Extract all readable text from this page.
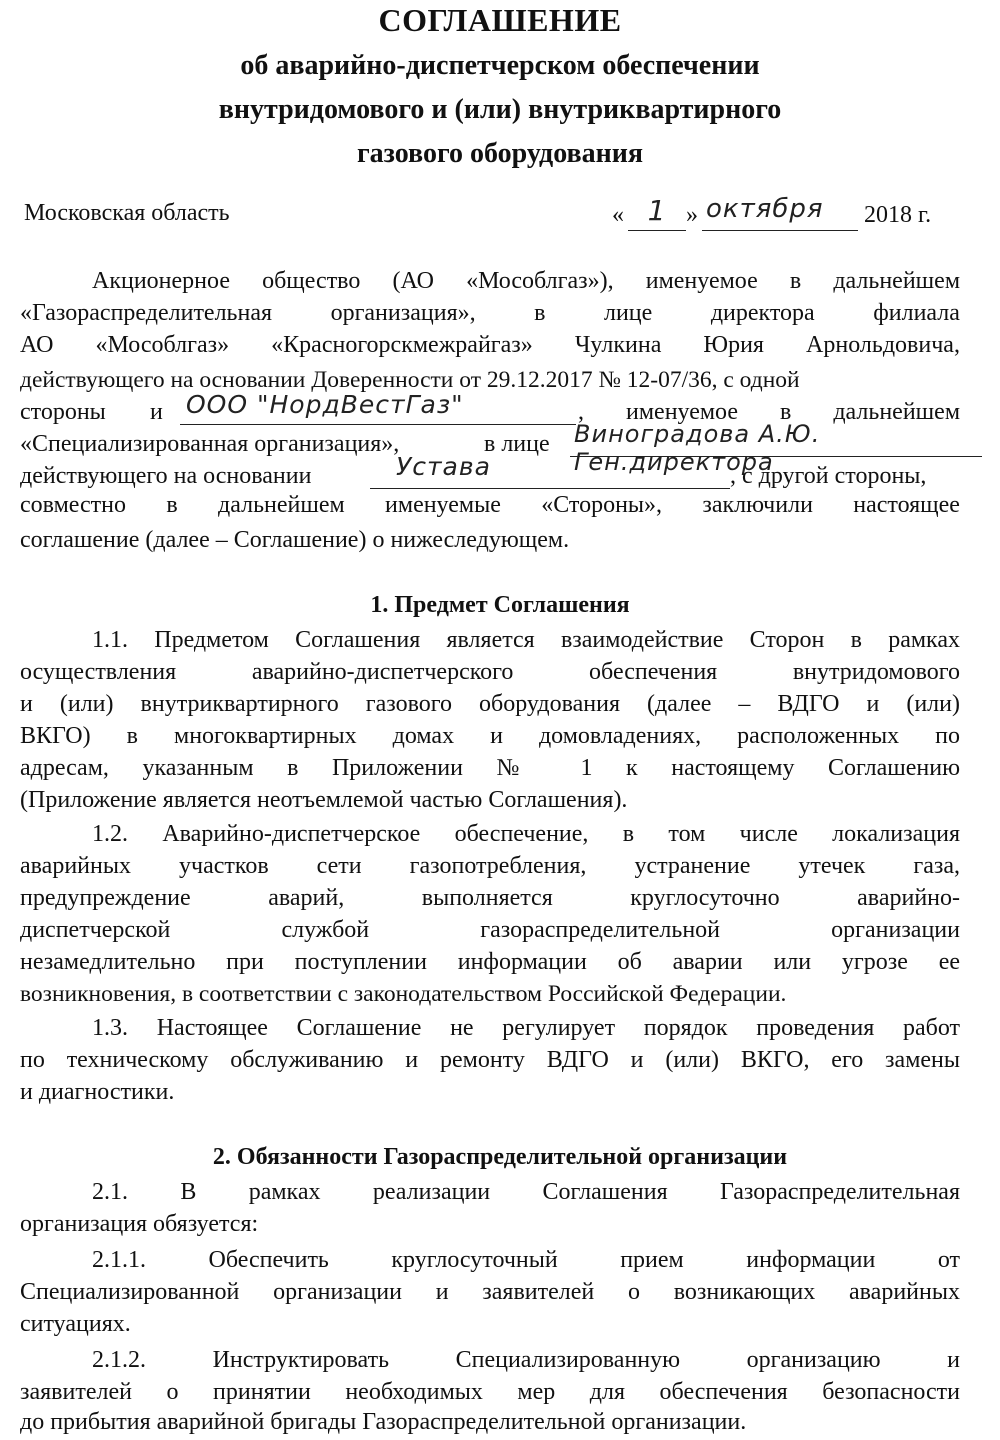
СОГЛАШЕНИЕ
об аварийно-диспетчерском обеспечении
внутридомового и (или) внутриквартирного
газового оборудования
Московская область	« 1 » октября 2018 г.
Акционерное общество (АО «Мособлгаз»), именуемое в дальнейшем
«Газораспределительная организация», в лице директора филиала
АО «Мособлгаз» «Красногорскмежрайгаз» Чулкина Юрия Арнольдовича,
действующего на основании Доверенности от 29.12.2017 № 12-07/36, с одной
стороны и ООО "НордВестГаз"	, именуемое в дальнейшем
«Специализированная организация»,	в лице Виноградова А.Ю. Ген.директора
действующего на основании	Устава	, с другой стороны,
совместно в дальнейшем именуемые «Стороны», заключили настоящее
соглашение (далее – Соглашение) о нижеследующем.
1. Предмет Соглашения
1.1. Предметом Соглашения является взаимодействие Сторон в рамках
осуществления аварийно-диспетчерского обеспечения внутридомового
и (или) внутриквартирного газового оборудования (далее – ВДГО и (или)
ВКГО) в многоквартирных домах и домовладениях, расположенных по
адресам, указанным в Приложении № 1 к настоящему Соглашению
(Приложение является неотъемлемой частью Соглашения).
1.2. Аварийно-диспетчерское обеспечение, в том числе локализация
аварийных участков сети газопотребления, устранение утечек газа,
предупреждение аварий, выполняется круглосуточно аварийно-
диспетчерской службой газораспределительной организации
незамедлительно при поступлении информации об аварии или угрозе ее
возникновения, в соответствии с законодательством Российской Федерации.
1.3. Настоящее Соглашение не регулирует порядок проведения работ
по техническому обслуживанию и ремонту ВДГО и (или) ВКГО, его замены
и диагностики.
2. Обязанности Газораспределительной организации
2.1. В рамках реализации Соглашения Газораспределительная
организация обязуется:
2.1.1. Обеспечить круглосуточный прием информации от
Специализированной организации и заявителей о возникающих аварийных
ситуациях.
2.1.2. Инструктировать Специализированную организацию и
заявителей о принятии необходимых мер для обеспечения безопасности
до прибытия аварийной бригады Газораспределительной организации.
